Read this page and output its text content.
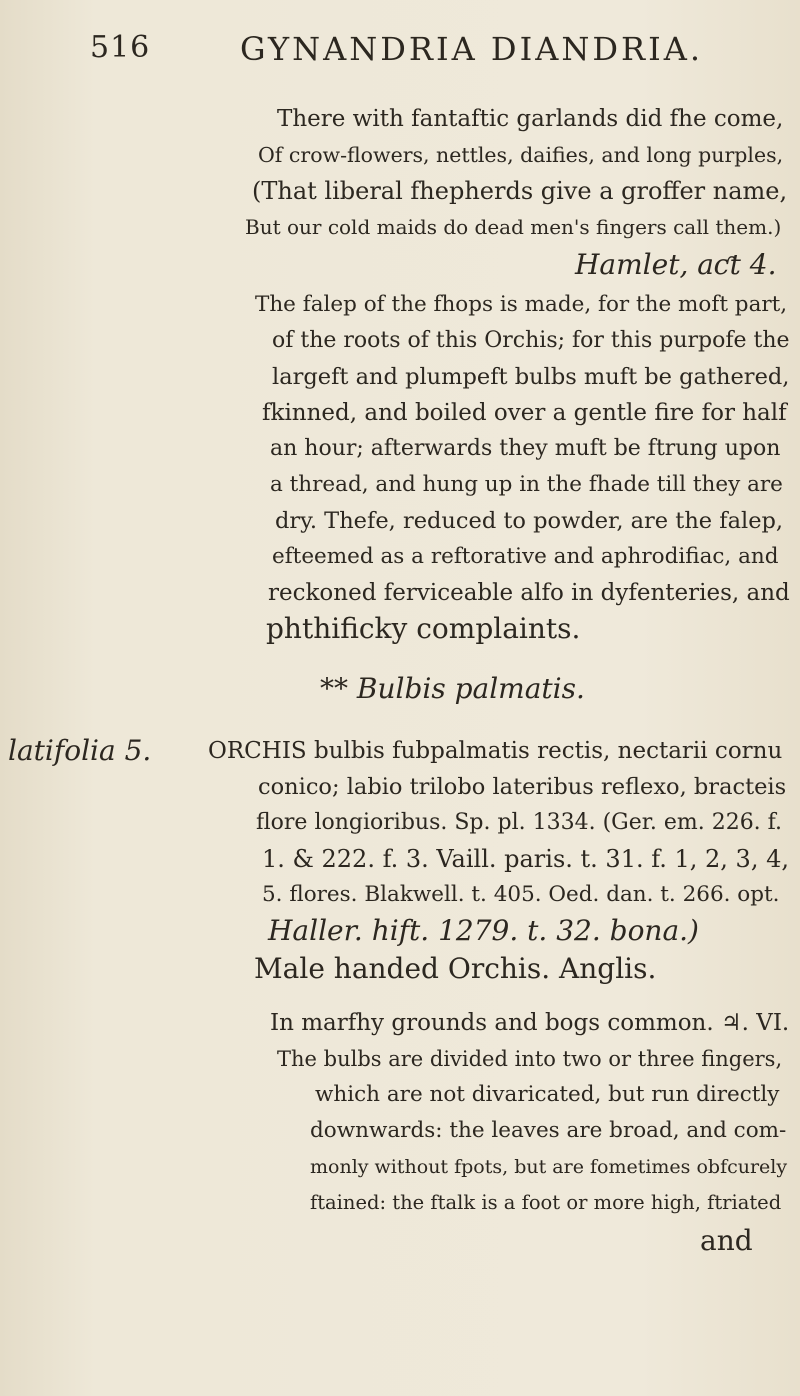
516	GYNANDRIA DIANDRIA.
There with fantaftic garlands did fhe come,
Of crow-flowers, nettles, daifies, and long purples,
(That liberal fhepherds give a groffer name,
But our cold maids do dead men's fingers call them.)
Hamlet, aƈt 4.
The falep of the fhops is made, for the moft part,
of the roots of this Orchis; for this purpofe the
largeft and plumpeft bulbs muft be gathered,
fkinned, and boiled over a gentle fire for half
an hour; afterwards they muft be ftrung upon
a thread, and hung up in the fhade till they are
dry. Thefe, reduced to powder, are the falep,
efteemed as a reftorative and aphrodifiac, and
reckoned ferviceable alfo in dyfenteries, and
phthificky complaints.
** Bulbis palmatis.
latifolia 5. ORCHIS bulbis fubpalmatis rectis, nectarii cornu
conico; labio trilobo lateribus reflexo, bracteis
flore longioribus. Sp. pl. 1334. (Ger. em. 226. f.
1. & 222. f. 3. Vaill. paris. t. 31. f. 1, 2, 3, 4,
5. flores. Blakwell. t. 405. Oed. dan. t. 266. opt.
Haller. hift. 1279. t. 32. bona.)
Male handed Orchis. Anglis.
In marfhy grounds and bogs common. ♃. VI.
The bulbs are divided into two or three fingers,
which are not divaricated, but run directly
downwards: the leaves are broad, and com-
monly without fpots, but are fometimes obfcurely
ftained: the ftalk is a foot or more high, ftriated
and
